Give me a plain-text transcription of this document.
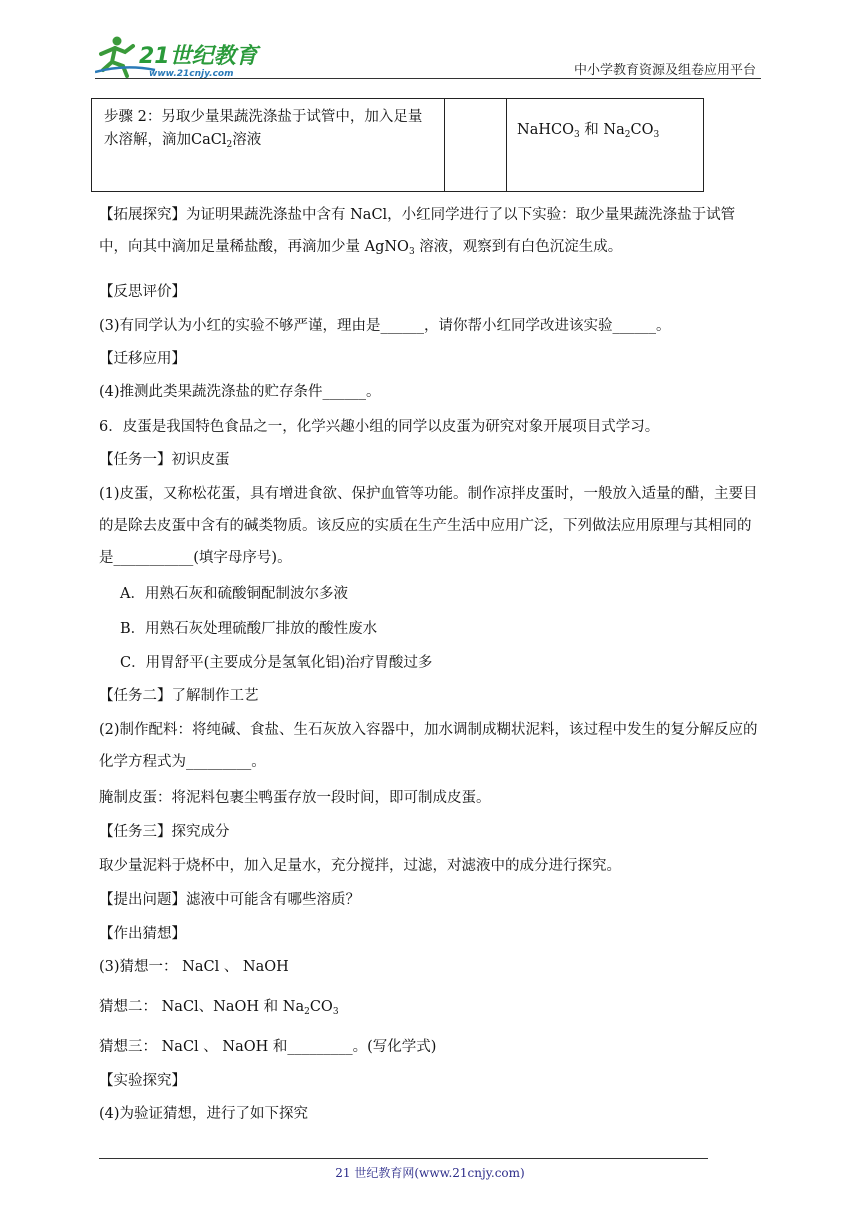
21世纪教育
www.21cnjy.com	中小学教育资源及组卷应用平台
步骤 2：另取少量果蔬洗涤盐于试管中，加入足量水溶解，滴加CaCl$_2$溶液		NaHCO$_3$ 和 $Na_2CO_3$
【拓展探究】为证明果蔬洗涤盐中含有 NaCl，小红同学进行了以下实验：取少量果蔬洗涤盐于试管中，向其中滴加足量稀盐酸，再滴加少量 AgNO$_3$ 溶液，观察到有白色沉淀生成。
【反思评价】
(3)有同学认为小红的实验不够严谨，理由是______，请你帮小红同学改进该实验______。
【迁移应用】
(4)推测此类果蔬洗涤盐的贮存条件______。
6．皮蛋是我国特色食品之一，化学兴趣小组的同学以皮蛋为研究对象开展项目式学习。
【任务一】初识皮蛋
(1)皮蛋，又称松花蛋，具有增进食欲、保护血管等功能。制作凉拌皮蛋时，一般放入适量的醋，主要目的是除去皮蛋中含有的碱类物质。该反应的实质在生产生活中应用广泛，下列做法应用原理与其相同的是___________(填字母序号)。
A．用熟石灰和硫酸铜配制波尔多液
B．用熟石灰处理硫酸厂排放的酸性废水
C．用胃舒平(主要成分是氢氧化铝)治疗胃酸过多
【任务二】了解制作工艺
(2)制作配料：将纯碱、食盐、生石灰放入容器中，加水调制成糊状泥料，该过程中发生的复分解反应的化学方程式为_________。
腌制皮蛋：将泥料包裹尘鸭蛋存放一段时间，即可制成皮蛋。
【任务三】探究成分
取少量泥料于烧杯中，加入足量水，充分搅拌，过滤，对滤液中的成分进行探究。
【提出问题】滤液中可能含有哪些溶质？
【作出猜想】
(3)猜想一： NaCl 、 NaOH
猜想二： NaCl、NaOH 和 $Na_2CO_3$
猜想三： NaCl 、 NaOH 和_________。(写化学式)
【实验探究】
(4)为验证猜想，进行了如下探究
21 世纪教育网(www.21cnjy.com)
